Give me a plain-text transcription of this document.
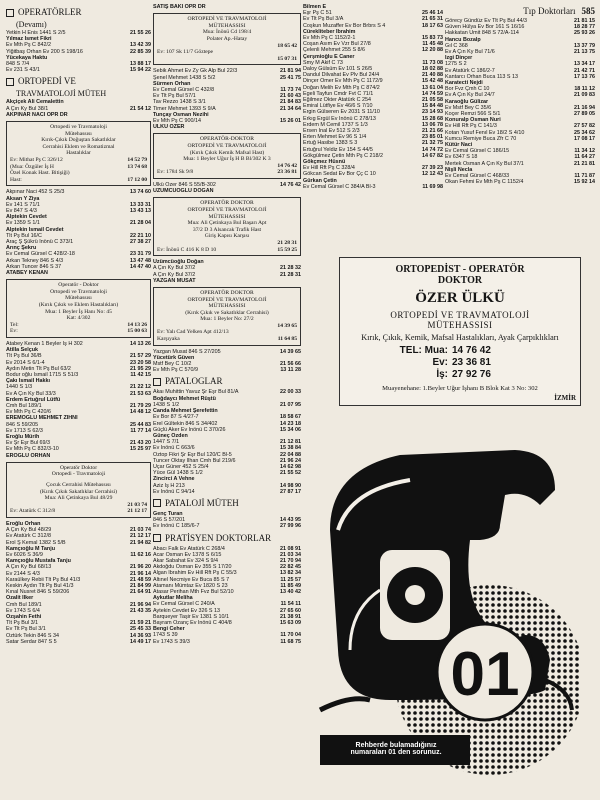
Tıp Doktorları 585
OPERATÖRLER
(Devamı)
Yetkin H Enis 1441 S 2/5	21 55 26
Yılmaz İsmet Fikri
Ev Mth Pş C 842/2	13 42 39
Yiğitbaş Orhan Ev 200 S 198/16	22 85 39
Yücekaya Haktu
848 S 7/4	13 88 17
Ev 231 S 43/1	15 94 22
ORTOPEDİ VE
TRAVMATOLOJİ MÜTEH
Akçiçek Ali Cemalettin
A Çın Ky Bul 38/1	21 54 12
AKPINAR NACİ OPR DR
Ortopedi ve Travmatoloji
Mütehassısı
Kırık-Çıkık Doğuştan Sakatlıklar
Cerrahisi Eklem ve Romatizmal
Hastalıklar
Ev: Mithat Pş C 326/12	14 52 79
(Mua: Özgüler İş H	13 74 68
Özel Konak Hast. Bitişiği)
Hast:	17 12 00
Akpınar Naci 452 S 25/3	13 74 60
Aksan Y Ziya
Ev 141 S 71/1	13 33 31
Ev 847 S 4/3	13 43 13
Alptekin Cevdet
Ev 1359 S 1/1	21 28 04
Alptekin İsmail Cevdet
Tlt Pş Bul 16/C	22 21 10
Araç Ş Şükrü İnönü C 373/1	27 38 27
Arınç Şekru
Ev Cemal Gürsel C 428/2-18	23 31 79
Arkan Tekney 846 S 4/3	13 47 48
Arkan Tuncer 846 S 37	14 47 40
ATABEY KENAN
Operatör - Doktor
Ortopedi ve Travmatoloji
Mütehassısı
(Kırık Çıkık ve Eklem Hastalıkları)
Mua: 1 Beyler İş Hanı No: 45
Kat: 4/302
Tel:	14 13 26
Ev:	15 00 63
Atabey Kenan 1 Beyler İş H 302	14 13 26
Atilla Selçuk
Tlt Pş Bul 36/B	21 57 29
Ev 2014 S 6/1-4	23 20 58
Aydın Metin Tlt Pş Bul 63/2	21 95 29
Bodur oğlu İsmail 1715 S 51/3	11 42 15
Çakı İsmail Hakkı
1440 S 1/3	21 22 12
Ev A Çın Ky Bul 33/3	21 53 63
Erdem Ertuğrul Lütfü
Cmh Bul 189/1	21 79 29
Ev Mth Pş C 420/6	14 48 12
EREMOĞLU MEHMET ZİHNİ
846 S 59/205	25 44 83
Ev 1713 S 62/3	11 77 14
Eroğlu Mürih
Ev Şr Eşr Bul 69/3	21 43 20
Ev Mth Pş C 832/3-10	15 25 97
EROĞLU ORHAN
Operatör Doktor
Ortopedi - Travmatoloji
Çocuk Cerrahisi Mütehassısı
(Kırık Çıkık Sakatlıklar Cerrahisi)
Mua: Ali Çetinkaya Bul 48/29
21 03 74
Ev: Atatürk C 312/8	21 12 17
Eroğlu Orhan
A Çın Ky Bul 48/29	21 03 74
Ev Atatürk C 312/8	21 12 17
Erol Ş Kemal 1382 S 5/B	21 94 82
Kamçıoğlu M Tanju
Ev 6026 S 36/9	11 62 16
Kamçıoğlu Mustafa Tanju
A Çın Ky Bul 68/13	21 96 20
Ev 2144 S 4/3	21 96 14
Karaülkey Rebii Tlt Pş Bul 41/3	21 48 59
Keskin Aydın Tlt Pş Bul 41/3	21 84 99
Kınal Nusret 846 S 59/206	21 64 91
Özalit İlker
Cmh Bul 189/1	21 96 94
Ev 1743 S 6/4	21 43 35
Özşahin Fethi
Tlt Pş Bul 3/1	21 59 21
Ev Tlt Pş Bul 3/1	25 45 33
Öztürk Tekin 846 S 34	14 36 93
Satar Serdar 847 S 5	14 49 17
SATIŞ BAKİ OPR DR
ORTOPEDİ VE TRAVMATOLOJİ
MÜTEHASSISI
Mua: İnönü Cd 198/4
Polater Ap.-Hatay
18 65 42
Ev: 107 Sk 11/7 Göztepe
15 07 31
Sebik Ahmet Ev Zy Gk Alp Bul 22/3	21 81 94
Şenel Mehmet 1438 S 5/2	25 41 75
Sürmen Orhan
Ev Cemal Gürsel C 432/8	11 73 74
Ev Tlt Pş Bul 57/1	21 60 43
Tav Rezzo 1438 S 3/1	21 84 83
Timer Mehmet 1393 S 9/A	21 34 64
Tunçay Osman Nezihi
Ev Mth Pş C 900/14	15 26 01
ÜLKÜ ÖZER
OPERATÖR-DOKTOR
ORTOPEDİ VE TRAVMATOLOJİ
(Kırık Çıkık Kemik Mafsal Hast)
Mua: 1 Beyler Uğur İş H B Bl/302 K 3
14 76 42
Ev: 1784 Sk 9/8	23 36 81
Ülkü Özer 846 S 55/B-302	14 76 42
ÜZÜMCÜOĞLU DOĞAN
OPERATÖR DOKTOR
ORTOPEDİ VE TRAVMATOLOJİ
MÜTEHASSISI
Mua: Ali Çetinkaya Bul Başarı Apt
37/2 D 3 Alsancak Trafik Hast
Giriş Kapısı Karşısı
21 28 31
Ev: İnönü C 416 K 8 D 10	15 59 25
Üzümcüoğlu Doğan
A Çın Ky Bul 37/2	21 28 32
A Çın Ky Bul 37/2	21 28 31
YAZGAN MUSAT
OPERATÖR DOKTOR
ORTOPEDİ VE TRAVMATOLOJİ
MÜTEHASSISI
(Kırık Çıkık ve Sakatlıklar Cerrahisi)
Mua: 1 Beyler No: 27/2
14 39 65
Ev: Yalı Cad Yelken Apt 412/13
Karşıyaka	11 64 85
Yazgan Musat 846 S 27/205	14 39 65
Yücetürk Güven
Mstf Bey C 10/2	21 56 66
Ev Mth Pş C 570/9	13 11 28
PATALOGLAR
Akaı Muhittin Yavuz Şr Eşr Bul 81/A	22 00 33
Boğdaycı Mehmet Rüştü
1438 S 1/2	21 07 95
Canda Mehmet Şerefettin
Ev Bor 87 S 4/27-7	18 58 67
Erel Gültekin 846 S 34/402	14 23 18
Güçlü Aker Ev İnönü C 370/26	15 34 06
Güneç Özden
1447 S 7/1	21 12 81
Ev İnönü C 663/6	15 38 84
Öztop Fikri Şr Eşr Bul 120/C Bl-5	22 04 88
Tuncer Oktay İlhan Cmh Bul 219/6	21 96 24
Uçar Güner 452 S 25/4	14 62 98
Yüce Gül 1438 S 1/2	21 55 52
Zincirci A Vehne
Aziz İş H 213	14 98 90
Ev İnönü C 94/14	27 87 17
PATALOJİ MÜTEH
Genç Turan
846 S 57/201	14 43 95
Ev İnönü C 185/6-7	27 99 96
PRATİSYEN DOKTORLAR
Abacı Falk Ev Atatürk C 268/4	21 08 91
Acar Osman Ev 1378 S 6/15	21 03 34
Akar Sabahat Ev 324 S 9/4	21 70 94
Akdoğdu Osman Ev 355 S 17/20	22 82 45
Algan İbrahim Ev Hill Rft Pş C 55/3	13 82 34
Altınel Necmiye Ev Buca 85 S 7	11 25 57
Atamanı Mümtaz Ev 1820 S 23	11 85 49
Atasar Perihan Mth Fvz Bul 52/10	13 40 42
Aykutlar Meliha
Ev Cemal Gürsel C 240/A	11 54 11
Aytekin Cevdet Ev 326 S 13	27 65 60
Barqueyer Taşir Ev 1381 S 10/1	21 38 91
Bayram Ozanç Ev İnönü C 404/8	15 63 09
Bengi Ceher
1743 S 39	11 70 04
Ev 1743 S 39/3	11 68 75
Bilmen E
Eşr Pş C 51	25 46 14
Ev Tlt Pş Bul 3/A	21 65 31
Coşkun Muzaffer Ev Bor Brbrs S 4	18 17 63
Cürekliteber İbrahim
Ev Mth Pş C 1152/2-1	15 83 73
Coşan Asım Ev Vzr Bul 27/8	11 45 48
Çelenli Mehmet 255 S 8/6	12 20 88
Çerşmioğlu E Caner
Smy M Akif C 73	11 73 08
Daloy Gülsüm Ev 101 S 26/5	18 02 88
Dandul Dilvahat Ev Plv Bul 24/4	21 40 88
Dinçer Ömer Ev Mth Pş C 1172/9	15 42 48
Doğan Melih Ev Mth Pş C 874/2	13 61 04
Egeli Tayfun Cmdr Fvt C 71/1	14 74 59
Eğilmez Okter Atatürk C 254	21 05 58
Emiral Lütfiye Ev 46/6 S 7/10	15 84 48
Ergin Gülseren Ev 2031 S 11/10	23 14 93
Erkıg Ergül Ev İnönü C 278/13	15 28 68
Erdem M Cemil 1737 S 1/3	13 06 78
Ersen İnal Ev 512 S 2/3	21 21 66
Erten Mehmet Ev 96 S 1/4	23 85 01
Ertuğ Hasibe 1383 S 3	21 32 75
Ertuğrul Yeldiz Ev 154 S 44/5	14 74 72
Gökgülmez Çetin Mth Pş C 218/2	14 67 82
Gökçmez Hüsnü
Ev Hill Rft Pş C 328/4	27 39 23
Gökcan Sedat Ev Bor Çç C 10	12 12 43
Gürkan Çetin
Ev Cemal Gürsel C 384/A Bl-3	11 69 98
Görecy Gündüz Ev Tlt Pş Bul 44/3	21 81 15
Güven Hülya Ev Bor 161 S 16/16	18 28 77
Hakkatan Ümit 848 S 72/A-114	25 93 26
Hancu Bozalp
Gıl C 368	13 37 79
Ev A Çın Ky Bul 71/6	21 13 75
İzgi Dinçer
1275 S 2	13 34 17
Ev Atatürk C 186/2-7	21 42 71
Kantarcı Orhan Buca 113 S 13	17 13 76
Karatecti Nejdi
Bor Fvz Çmh C 10	18 11 12
Ev A Çın Ky Bul 24/7	21 09 83
Karaoğlu Gülizar
Ev Mstf Bey C 35/6	21 16 94
Koçer Remzi 566 S 5/1	27 89 05
Konuralp Osman Nuri
Ev Hill Rft Pş C 141/3	27 57 82
Kotan Yusuf Fenıl Ev 18/2 S 4/10	25 34 62
Kumcu Remiye Buca Zfr C 70	17 08 17
Kütür Naci
Ev Cemal Gürsel C 186/15	11 34 12
Ev 6347 S 18	11 64 27
Mertek Osman A Çın Ky Bul 37/1	21 21 81
Nişli Necla
Ev Cemal Gürsel C 468/33	11 71 87
Okan Fehmi Ev Mth Pş C 1152/4	15 92 14
ORTOPEDİST - OPERATÖR
DOKTOR
ÖZER ÜLKÜ
ORTOPEDİ VE TRAVMATOLOJİ
MÜTEHASSISI
Kırık, Çıkık, Kemik, Mafsal Hastalıkları, Ayak Çarpıklıkları
TEL: Mua: 14 76 42
Ev: 23 36 81
İş: 27 92 76
Muayenehane: 1.Beyler Uğur İşhanı B Blok Kat 3 No: 302
İZMİR
01
Rehberde bulamadığınız
numaraları 01 den sorunuz.
